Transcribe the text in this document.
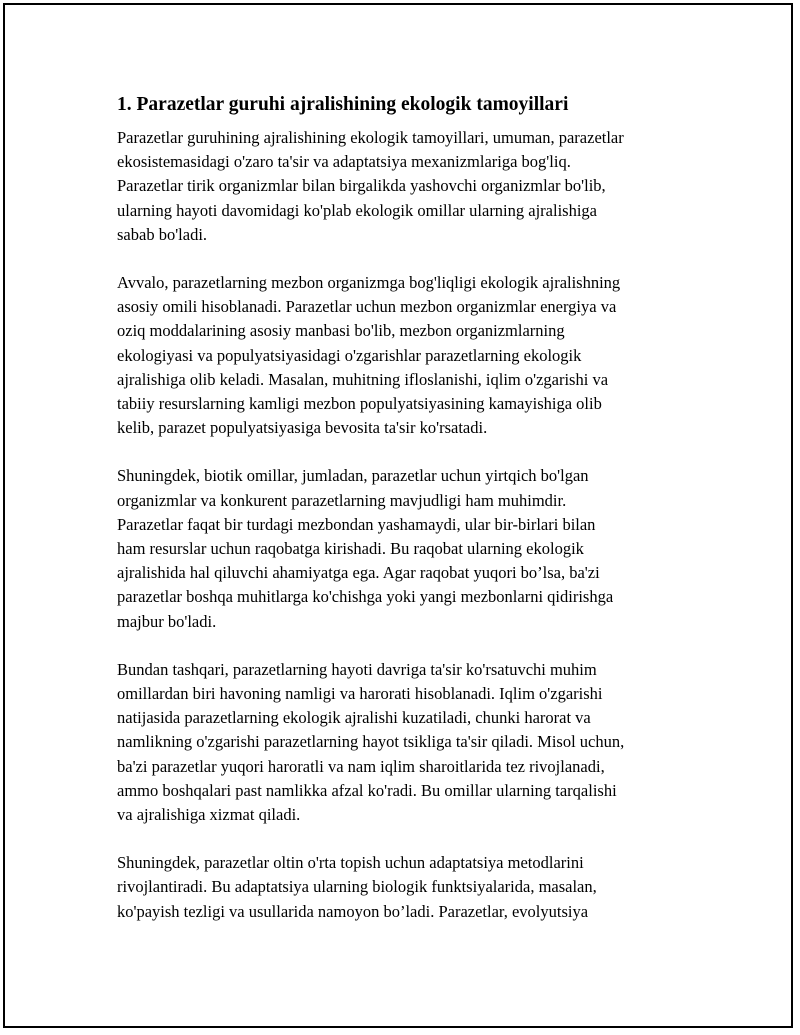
1. Parazetlar guruhi ajralishining ekologik tamoyillari

Parazetlar guruhining ajralishining ekologik tamoyillari, umuman, parazetlar
ekosistemasidagi o'zaro ta'sir va adaptatsiya mexanizmlariga bog'liq.
Parazetlar tirik organizmlar bilan birgalikda yashovchi organizmlar bo'lib,
ularning hayoti davomidagi ko'plab ekologik omillar ularning ajralishiga
sabab bo'ladi.

Avvalo, parazetlarning mezbon organizmga bog'liqligi ekologik ajralishning
asosiy omili hisoblanadi. Parazetlar uchun mezbon organizmlar energiya va
oziq moddalarining asosiy manbasi bo'lib, mezbon organizmlarning
ekologiyasi va populyatsiyasidagi o'zgarishlar parazetlarning ekologik
ajralishiga olib keladi. Masalan, muhitning ifloslanishi, iqlim o'zgarishi va
tabiiy resurslarning kamligi mezbon populyatsiyasining kamayishiga olib
kelib, parazet populyatsiyasiga bevosita ta'sir ko'rsatadi.

Shuningdek, biotik omillar, jumladan, parazetlar uchun yirtqich bo'lgan
organizmlar va konkurent parazetlarning mavjudligi ham muhimdir.
Parazetlar faqat bir turdagi mezbondan yashamaydi, ular bir-birlari bilan
ham resurslar uchun raqobatga kirishadi. Bu raqobat ularning ekologik
ajralishida hal qiluvchi ahamiyatga ega. Agar raqobat yuqori bo’lsa, ba'zi
parazetlar boshqa muhitlarga ko'chishga yoki yangi mezbonlarni qidirishga
majbur bo'ladi.

Bundan tashqari, parazetlarning hayoti davriga ta'sir ko'rsatuvchi muhim
omillardan biri havoning namligi va harorati hisoblanadi. Iqlim o'zgarishi
natijasida parazetlarning ekologik ajralishi kuzatiladi, chunki harorat va
namlikning o'zgarishi parazetlarning hayot tsikliga ta'sir qiladi. Misol uchun,
ba'zi parazetlar yuqori haroratli va nam iqlim sharoitlarida tez rivojlanadi,
ammo boshqalari past namlikka afzal ko'radi. Bu omillar ularning tarqalishi
va ajralishiga xizmat qiladi.

Shuningdek, parazetlar oltin o'rta topish uchun adaptatsiya metodlarini
rivojlantiradi. Bu adaptatsiya ularning biologik funktsiyalarida, masalan,
ko'payish tezligi va usullarida namoyon bo’ladi. Parazetlar, evolyutsiya
